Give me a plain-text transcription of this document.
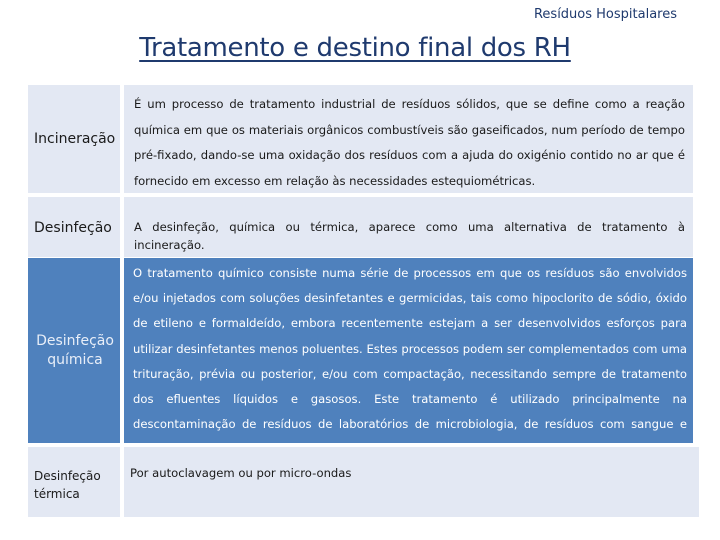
Resíduos Hospitalares
Tratamento e destino final dos RH
Incineração

É um processo de tratamento industrial de resíduos sólidos, que se define como a reação química em que os materiais orgânicos combustíveis são gaseificados, num período de tempo pré-fixado, dando-se uma oxidação dos resíduos com a ajuda do oxigénio contido no ar que é fornecido em excesso em relação às necessidades estequiométricas.

Desinfeção A desinfeção, química ou térmica, aparece como uma alternativa de tratamento à incineração.

Desinfeção química

O tratamento químico consiste numa série de processos em que os resíduos são envolvidos e/ou injetados com soluções desinfetantes e germicidas, tais como hipoclorito de sódio, óxido de etileno e formaldeído, embora recentemente estejam a ser desenvolvidos esforços para utilizar desinfetantes menos poluentes. Estes processos podem ser complementados com uma trituração, prévia ou posterior, e/ou com compactação, necessitando sempre de tratamento dos efluentes líquidos e gasosos. Este tratamento é utilizado principalmente na descontaminação de resíduos de laboratórios de microbiologia, de resíduos com sangue e

Desinfeção térmica

Por autoclavagem ou por micro-ondas
